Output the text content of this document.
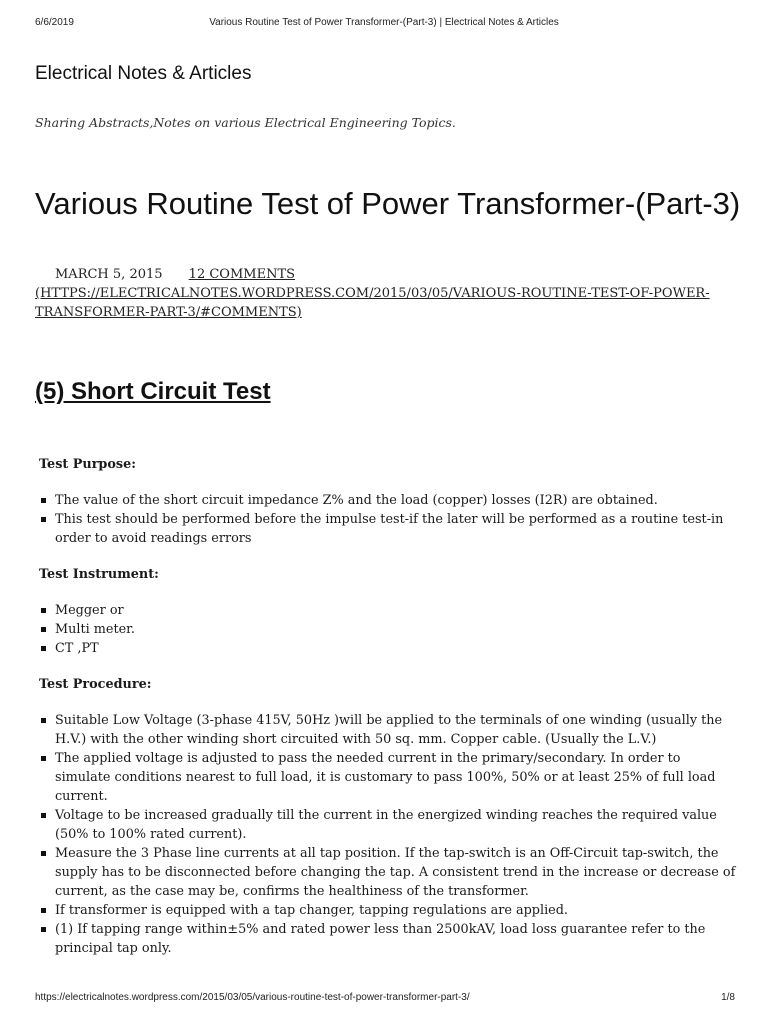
6/6/2019	Various Routine Test of Power Transformer-(Part-3) | Electrical Notes & Articles
Electrical Notes & Articles
Sharing Abstracts,Notes on various Electrical Engineering Topics.
Various Routine Test of Power Transformer-(Part-3)
MARCH 5, 2015 12 COMMENTS
(HTTPS://ELECTRICALNOTES.WORDPRESS.COM/2015/03/05/VARIOUS-ROUTINE-TEST-OF-POWER-TRANSFORMER-PART-3/#COMMENTS)
(5) Short Circuit Test

Test Purpose:

The value of the short circuit impedance Z% and the load (copper) losses (I2R) are obtained.
This test should be performed before the impulse test-if the later will be performed as a routine test-in order to avoid readings errors

Test Instrument:

Megger or
Multi meter.
CT ,PT

Test Procedure:

Suitable Low Voltage (3-phase 415V, 50Hz )will be applied to the terminals of one winding (usually the H.V.) with the other winding short circuited with 50 sq. mm. Copper cable. (Usually the L.V.)
The applied voltage is adjusted to pass the needed current in the primary/secondary. In order to simulate conditions nearest to full load, it is customary to pass 100%, 50% or at least 25% of full load current.
Voltage to be increased gradually till the current in the energized winding reaches the required value (50% to 100% rated current).
Measure the 3 Phase line currents at all tap position. If the tap-switch is an Off-Circuit tap-switch, the supply has to be disconnected before changing the tap. A consistent trend in the increase or decrease of current, as the case may be, confirms the healthiness of the transformer.
If transformer is equipped with a tap changer, tapping regulations are applied.
(1) If tapping range within±5% and rated power less than 2500kAV, load loss guarantee refer to the principal tap only.
https://electricalnotes.wordpress.com/2015/03/05/various-routine-test-of-power-transformer-part-3/	1/8
